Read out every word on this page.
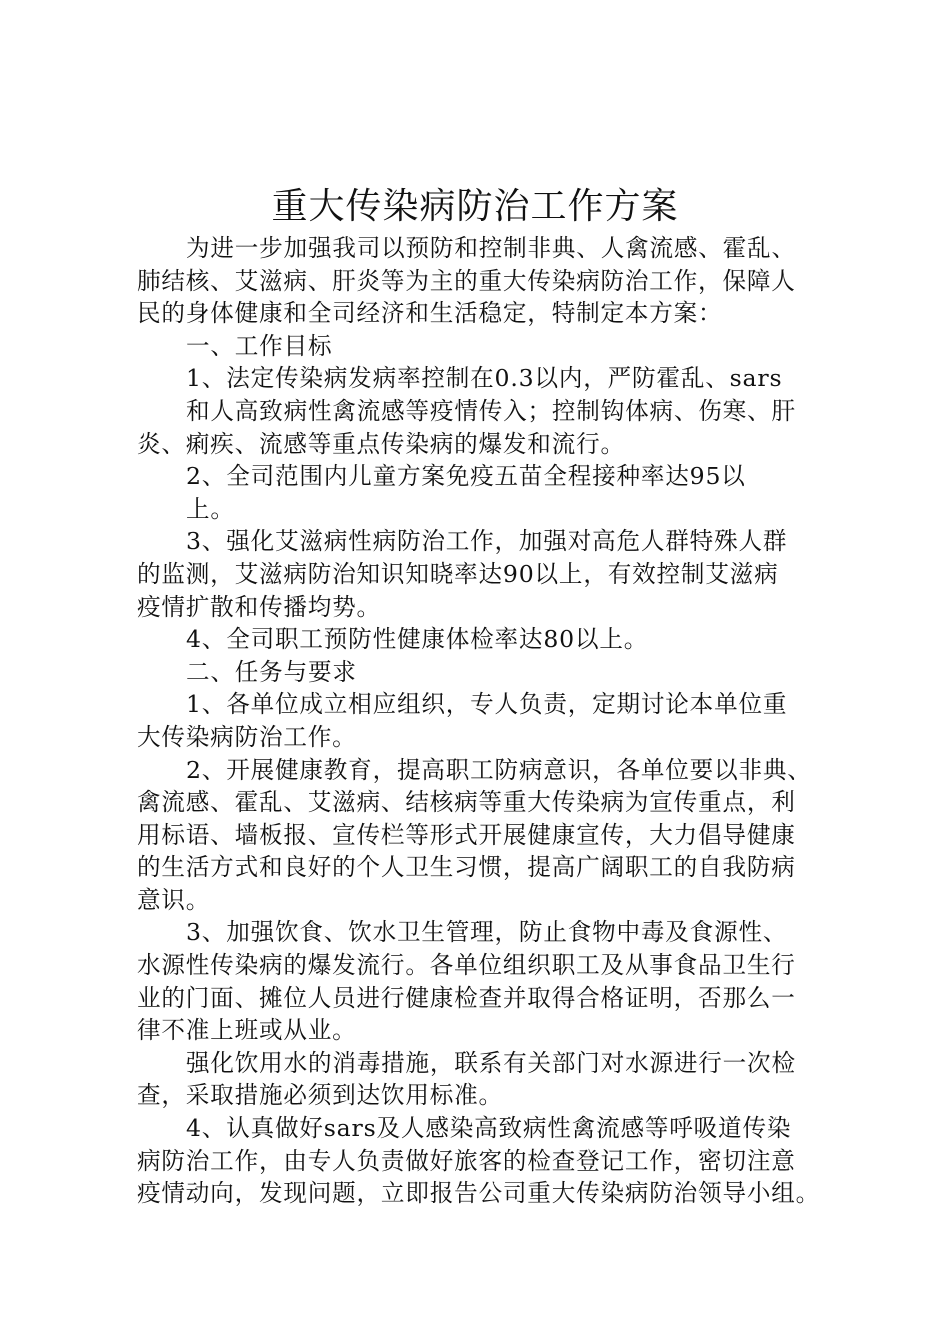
重大传染病防治工作方案
为进一步加强我司以预防和控制非典、人禽流感、霍乱、
肺结核、艾滋病、肝炎等为主的重大传染病防治工作，保障人
民的身体健康和全司经济和生活稳定，特制定本方案：
一、工作目标
1、法定传染病发病率控制在0.3以内，严防霍乱、sars
和人高致病性禽流感等疫情传入；控制钩体病、伤寒、肝
炎、痢疾、流感等重点传染病的爆发和流行。
2、全司范围内儿童方案免疫五苗全程接种率达95以
上。
3、强化艾滋病性病防治工作，加强对高危人群特殊人群
的监测，艾滋病防治知识知晓率达90以上，有效控制艾滋病
疫情扩散和传播均势。
4、全司职工预防性健康体检率达80以上。
二、任务与要求
1、各单位成立相应组织，专人负责，定期讨论本单位重
大传染病防治工作。
2、开展健康教育，提高职工防病意识，各单位要以非典、
禽流感、霍乱、艾滋病、结核病等重大传染病为宣传重点，利
用标语、墙板报、宣传栏等形式开展健康宣传，大力倡导健康
的生活方式和良好的个人卫生习惯，提高广阔职工的自我防病
意识。
3、加强饮食、饮水卫生管理，防止食物中毒及食源性、
水源性传染病的爆发流行。各单位组织职工及从事食品卫生行
业的门面、摊位人员进行健康检查并取得合格证明，否那么一
律不准上班或从业。
强化饮用水的消毒措施，联系有关部门对水源进行一次检
查，采取措施必须到达饮用标准。
4、认真做好sars及人感染高致病性禽流感等呼吸道传染
病防治工作，由专人负责做好旅客的检查登记工作，密切注意
疫情动向，发现问题，立即报告公司重大传染病防治领导小组。
